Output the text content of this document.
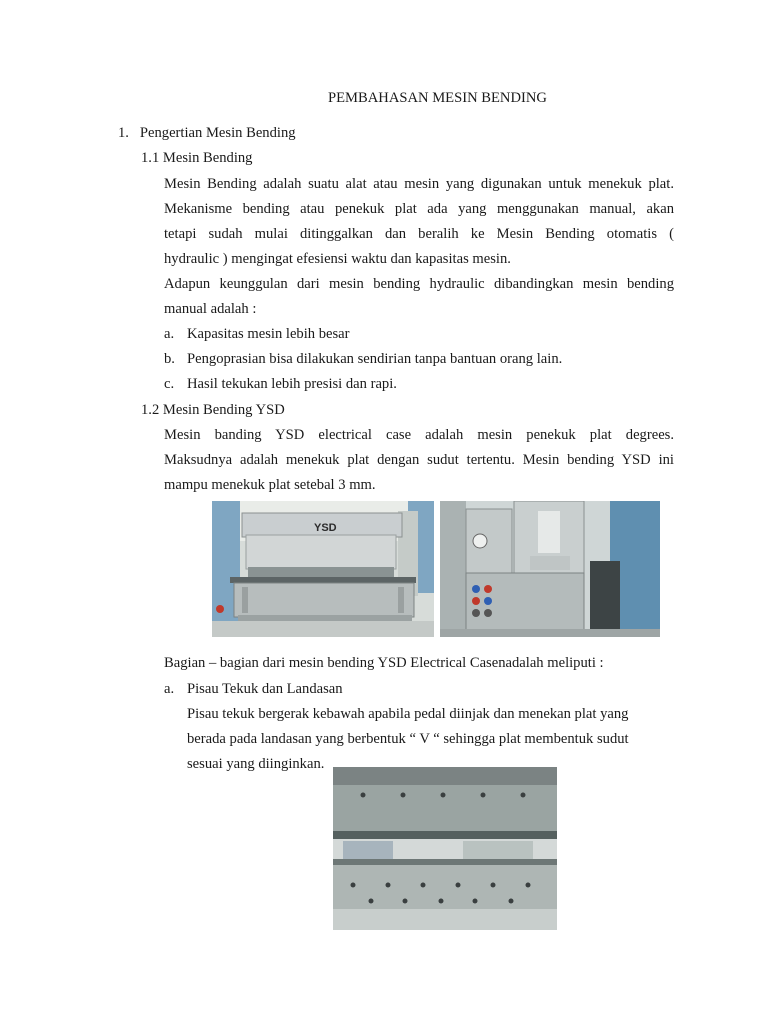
PEMBAHASAN MESIN BENDING
1.   Pengertian Mesin Bending
1.1 Mesin Bending
Mesin Bending adalah suatu alat atau mesin yang digunakan untuk menekuk plat.
Mekanisme bending atau penekuk plat ada yang menggunakan manual, akan
tetapi sudah mulai ditinggalkan dan beralih ke Mesin Bending otomatis (
hydraulic ) mengingat efesiensi waktu dan kapasitas mesin.
Adapun keunggulan dari mesin bending hydraulic dibandingkan mesin bending
manual adalah :
a. Kapasitas mesin lebih besar
b. Pengoprasian bisa dilakukan sendirian tanpa bantuan orang lain.
c. Hasil tekukan lebih presisi dan rapi.
1.2 Mesin Bending YSD
Mesin banding YSD electrical case adalah mesin penekuk plat degrees.
Maksudnya adalah menekuk plat dengan sudut tertentu. Mesin bending YSD ini
mampu menekuk plat setebal 3 mm.
YSD
Bagian – bagian dari mesin bending YSD Electrical Casenadalah meliputi :
a. Pisau Tekuk dan Landasan
Pisau tekuk bergerak kebawah apabila pedal diinjak dan menekan plat yang
berada pada landasan yang berbentuk “ V “ sehingga plat membentuk sudut
sesuai yang diinginkan.
